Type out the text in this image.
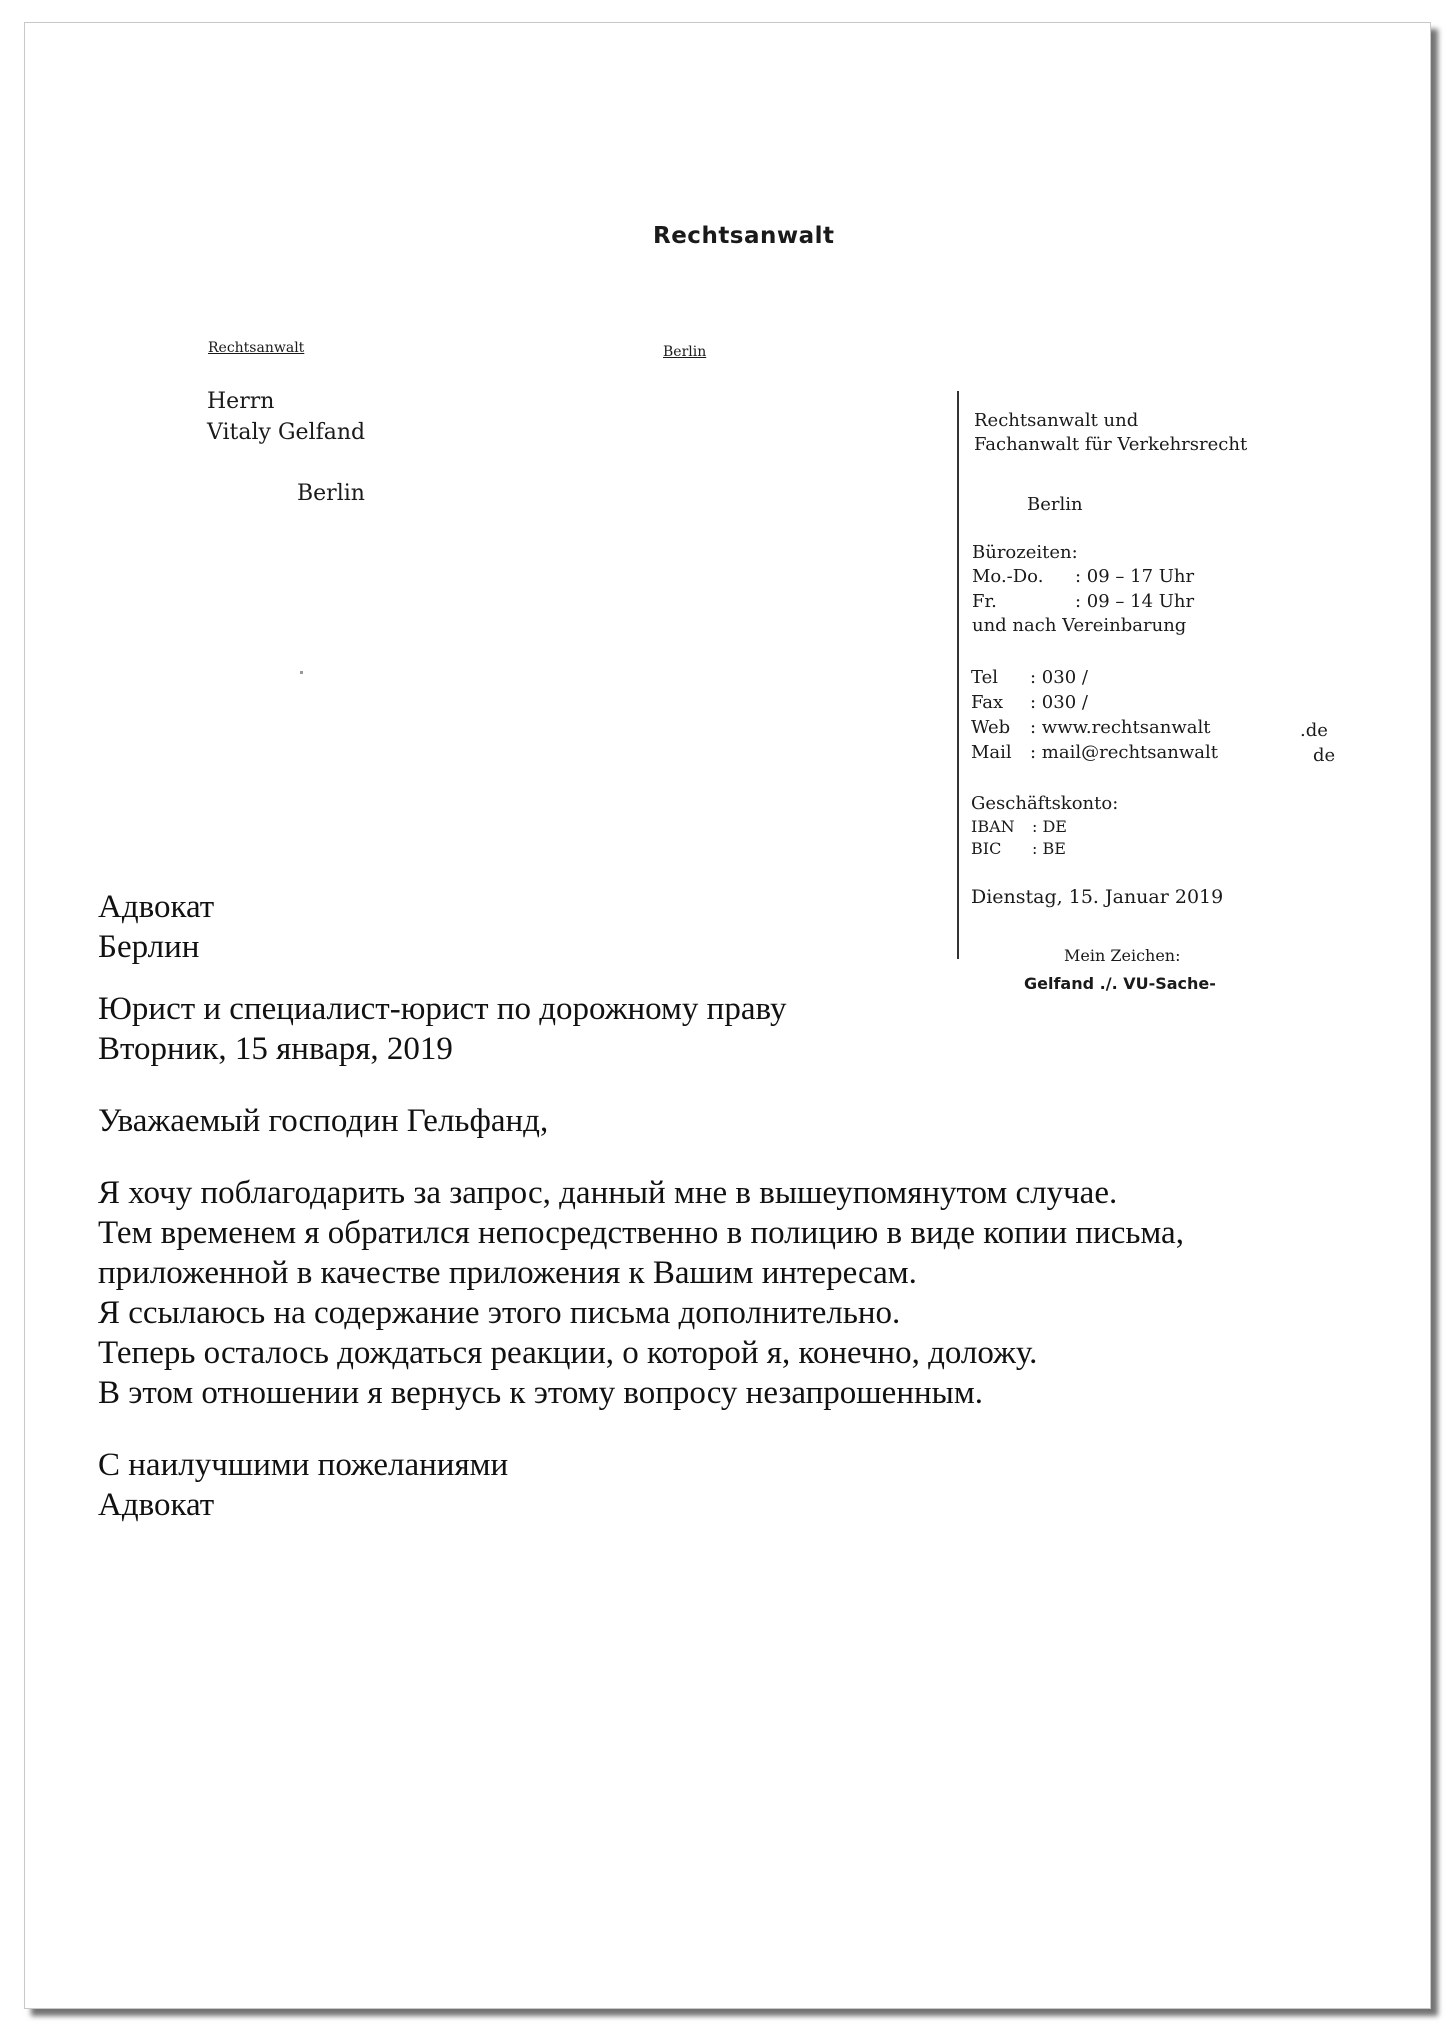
Rechtsanwalt
Rechtsanwalt	Berlin
Herrn
Vitaly Gelfand
Berlin
Rechtsanwalt und
Fachanwalt für Verkehrsrecht
Berlin
Bürozeiten:
Mo.-Do. : 09 – 17 Uhr
Fr.	: 09 – 14 Uhr
und nach Vereinbarung
Tel : 030 /
Fax : 030 /
Web : www.rechtsanwalt	.de
Mail : mail@rechtsanwalt	de
Geschäftskonto:
IBAN : DE
BIC : BE
Dienstag, 15. Januar 2019
Mein Zeichen:
Gelfand ./. VU-Sache-
Адвокат
Берлин
Юрист и специалист-юрист по дорожному праву
Вторник, 15 января, 2019
Уважаемый господин Гельфанд,
Я хочу поблагодарить за запрос, данный мне в вышеупомянутом случае.
Тем временем я обратился непосредственно в полицию в виде копии письма,
приложенной в качестве приложения к Вашим интересам.
Я ссылаюсь на содержание этого письма дополнительно.
Теперь осталось дождаться реакции, о которой я, конечно, доложу.
В этом отношении я вернусь к этому вопросу незапрошенным.
С наилучшими пожеланиями
Адвокат
